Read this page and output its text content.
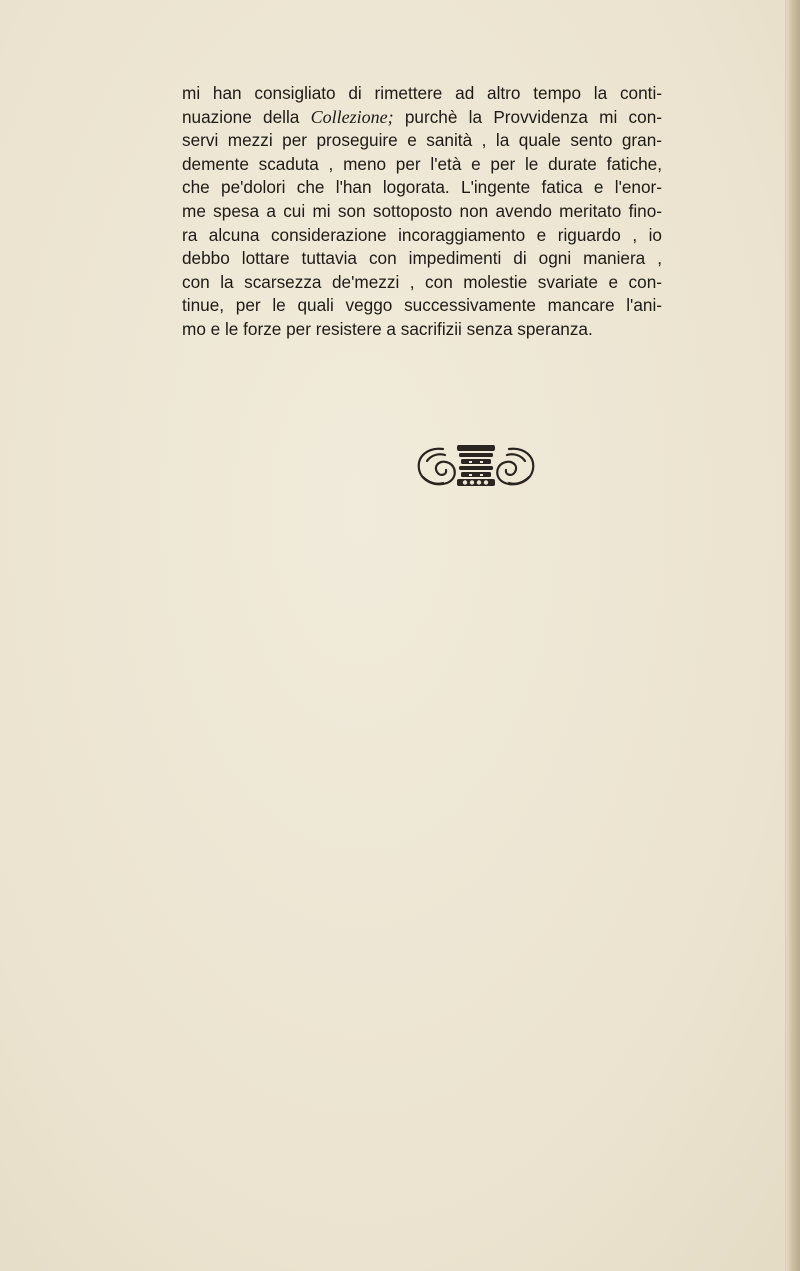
mi han consigliato di rimettere ad altro tempo la conti-
nuazione della Collezione; purchè la Provvidenza mi con-
servi mezzi per proseguire e sanità , la quale sento gran-
demente scaduta , meno per l'età e per le durate fatiche,
che pe'dolori che l'han logorata. L'ingente fatica e l'enor-
me spesa a cui mi son sottoposto non avendo meritato fino-
ra alcuna considerazione incoraggiamento e riguardo , io
debbo lottare tuttavia con impedimenti di ogni maniera ,
con la scarsezza de'mezzi , con molestie svariate e con-
tinue, per le quali veggo successivamente mancare l'ani-
mo e le forze per resistere a sacrifizii senza speranza.
